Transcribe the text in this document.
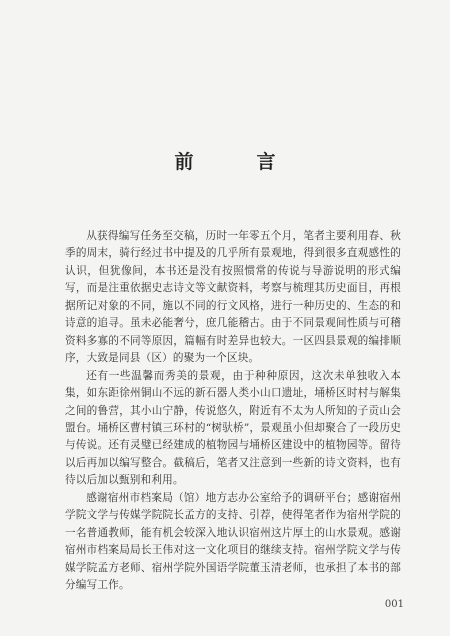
前　言

从获得编写任务至交稿，历时一年零五个月，笔者主要利用春、秋季的周末，骑行经过书中提及的几乎所有景观地，得到很多直观感性的认识，但犹像间，本书还是没有按照惯常的传说与导游说明的形式编写，而是注重依据史志诗文等文献资料，考察与梳理其历史面目，再根据所记对象的不同，施以不同的行文风格，进行一种历史的、生态的和诗意的追寻。虽未必能奢兮，庶几能稽古。由于不同景观间性质与可稽资料多寡的不同等原因，篇幅有时差异也较大。一区四县景观的编排顺序，大致是同县（区）的聚为一个区块。

还有一些温馨而秀美的景观，由于种种原因，这次未单独收入本集，如东距徐州铜山不远的新石器人类小山口遗址，埇桥区时村与解集之间的鲁营，其小山宁静，传说悠久，附近有不太为人所知的子贡山会盟台。埇桥区曹村镇三环村的“树驮桥”，景观虽小但却聚合了一段历史与传说。还有灵璧已经建成的植物园与埇桥区建设中的植物园等。留待以后再加以编写整合。截稿后，笔者又注意到一些新的诗文资料，也有待以后加以甄别和利用。

感谢宿州市档案局（馆）地方志办公室给予的调研平台；感谢宿州学院文学与传媒学院院长孟方的支持、引荐，使得笔者作为宿州学院的一名普通教师，能有机会较深入地认识宿州这片厚土的山水景观。感谢宿州市档案局局长王伟对这一文化项目的继续支持。宿州学院文学与传媒学院孟方老师、宿州学院外国语学院董玉清老师，也承担了本书的部分编写工作。

001
